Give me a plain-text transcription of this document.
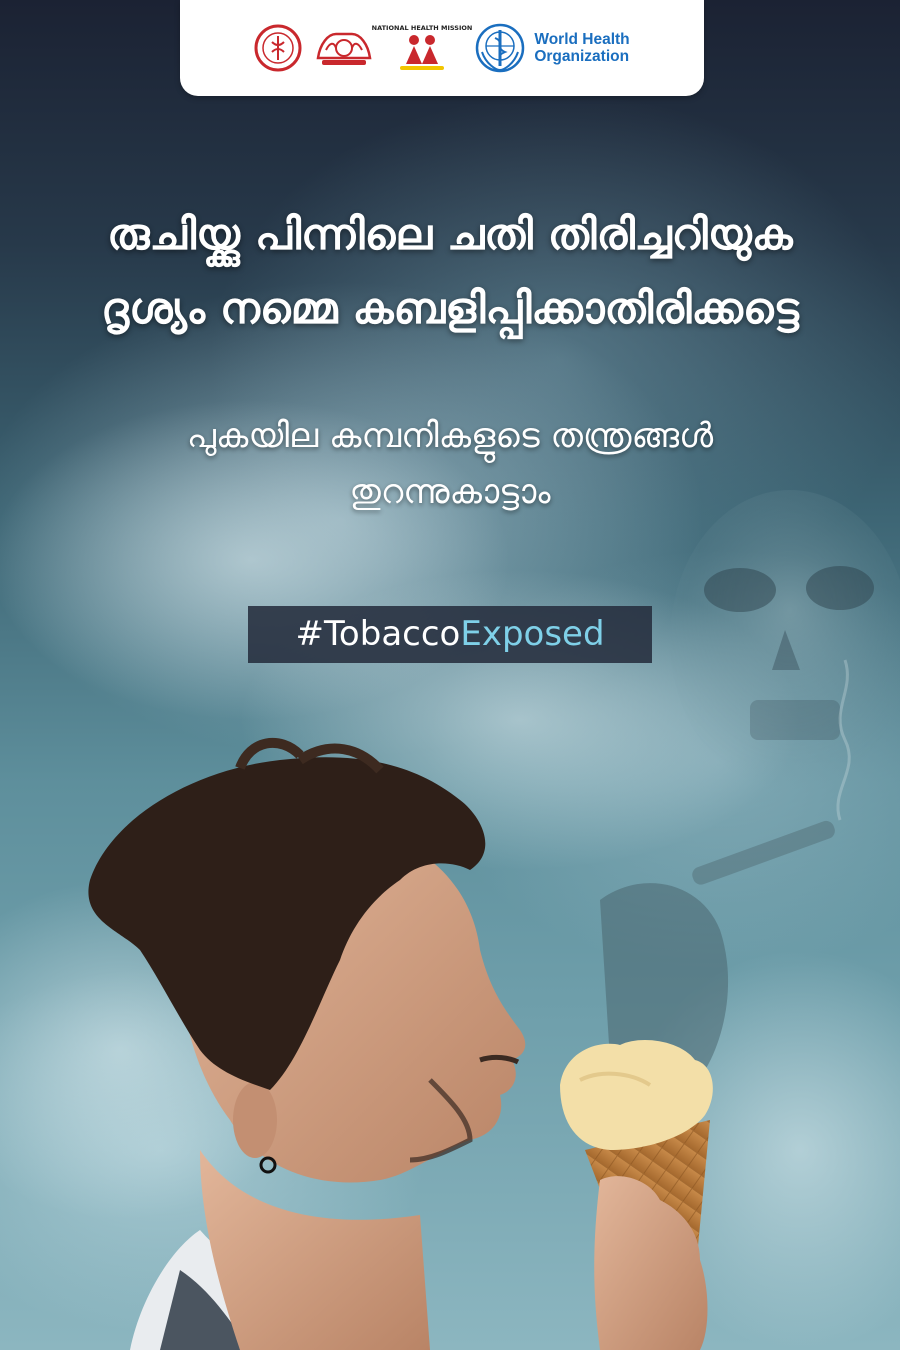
NATIONAL HEALTH MISSION
World Health
Organization
രുചിയ്ക്കു പിന്നിലെ ചതി തിരിച്ചറിയുക
ദൃശ്യം നമ്മെ കബളിപ്പിക്കാതിരിക്കട്ടെ
പുകയില കമ്പനികളുടെ തന്ത്രങ്ങൾ
തുറന്നുകാട്ടാം
#TobaccoExposed
